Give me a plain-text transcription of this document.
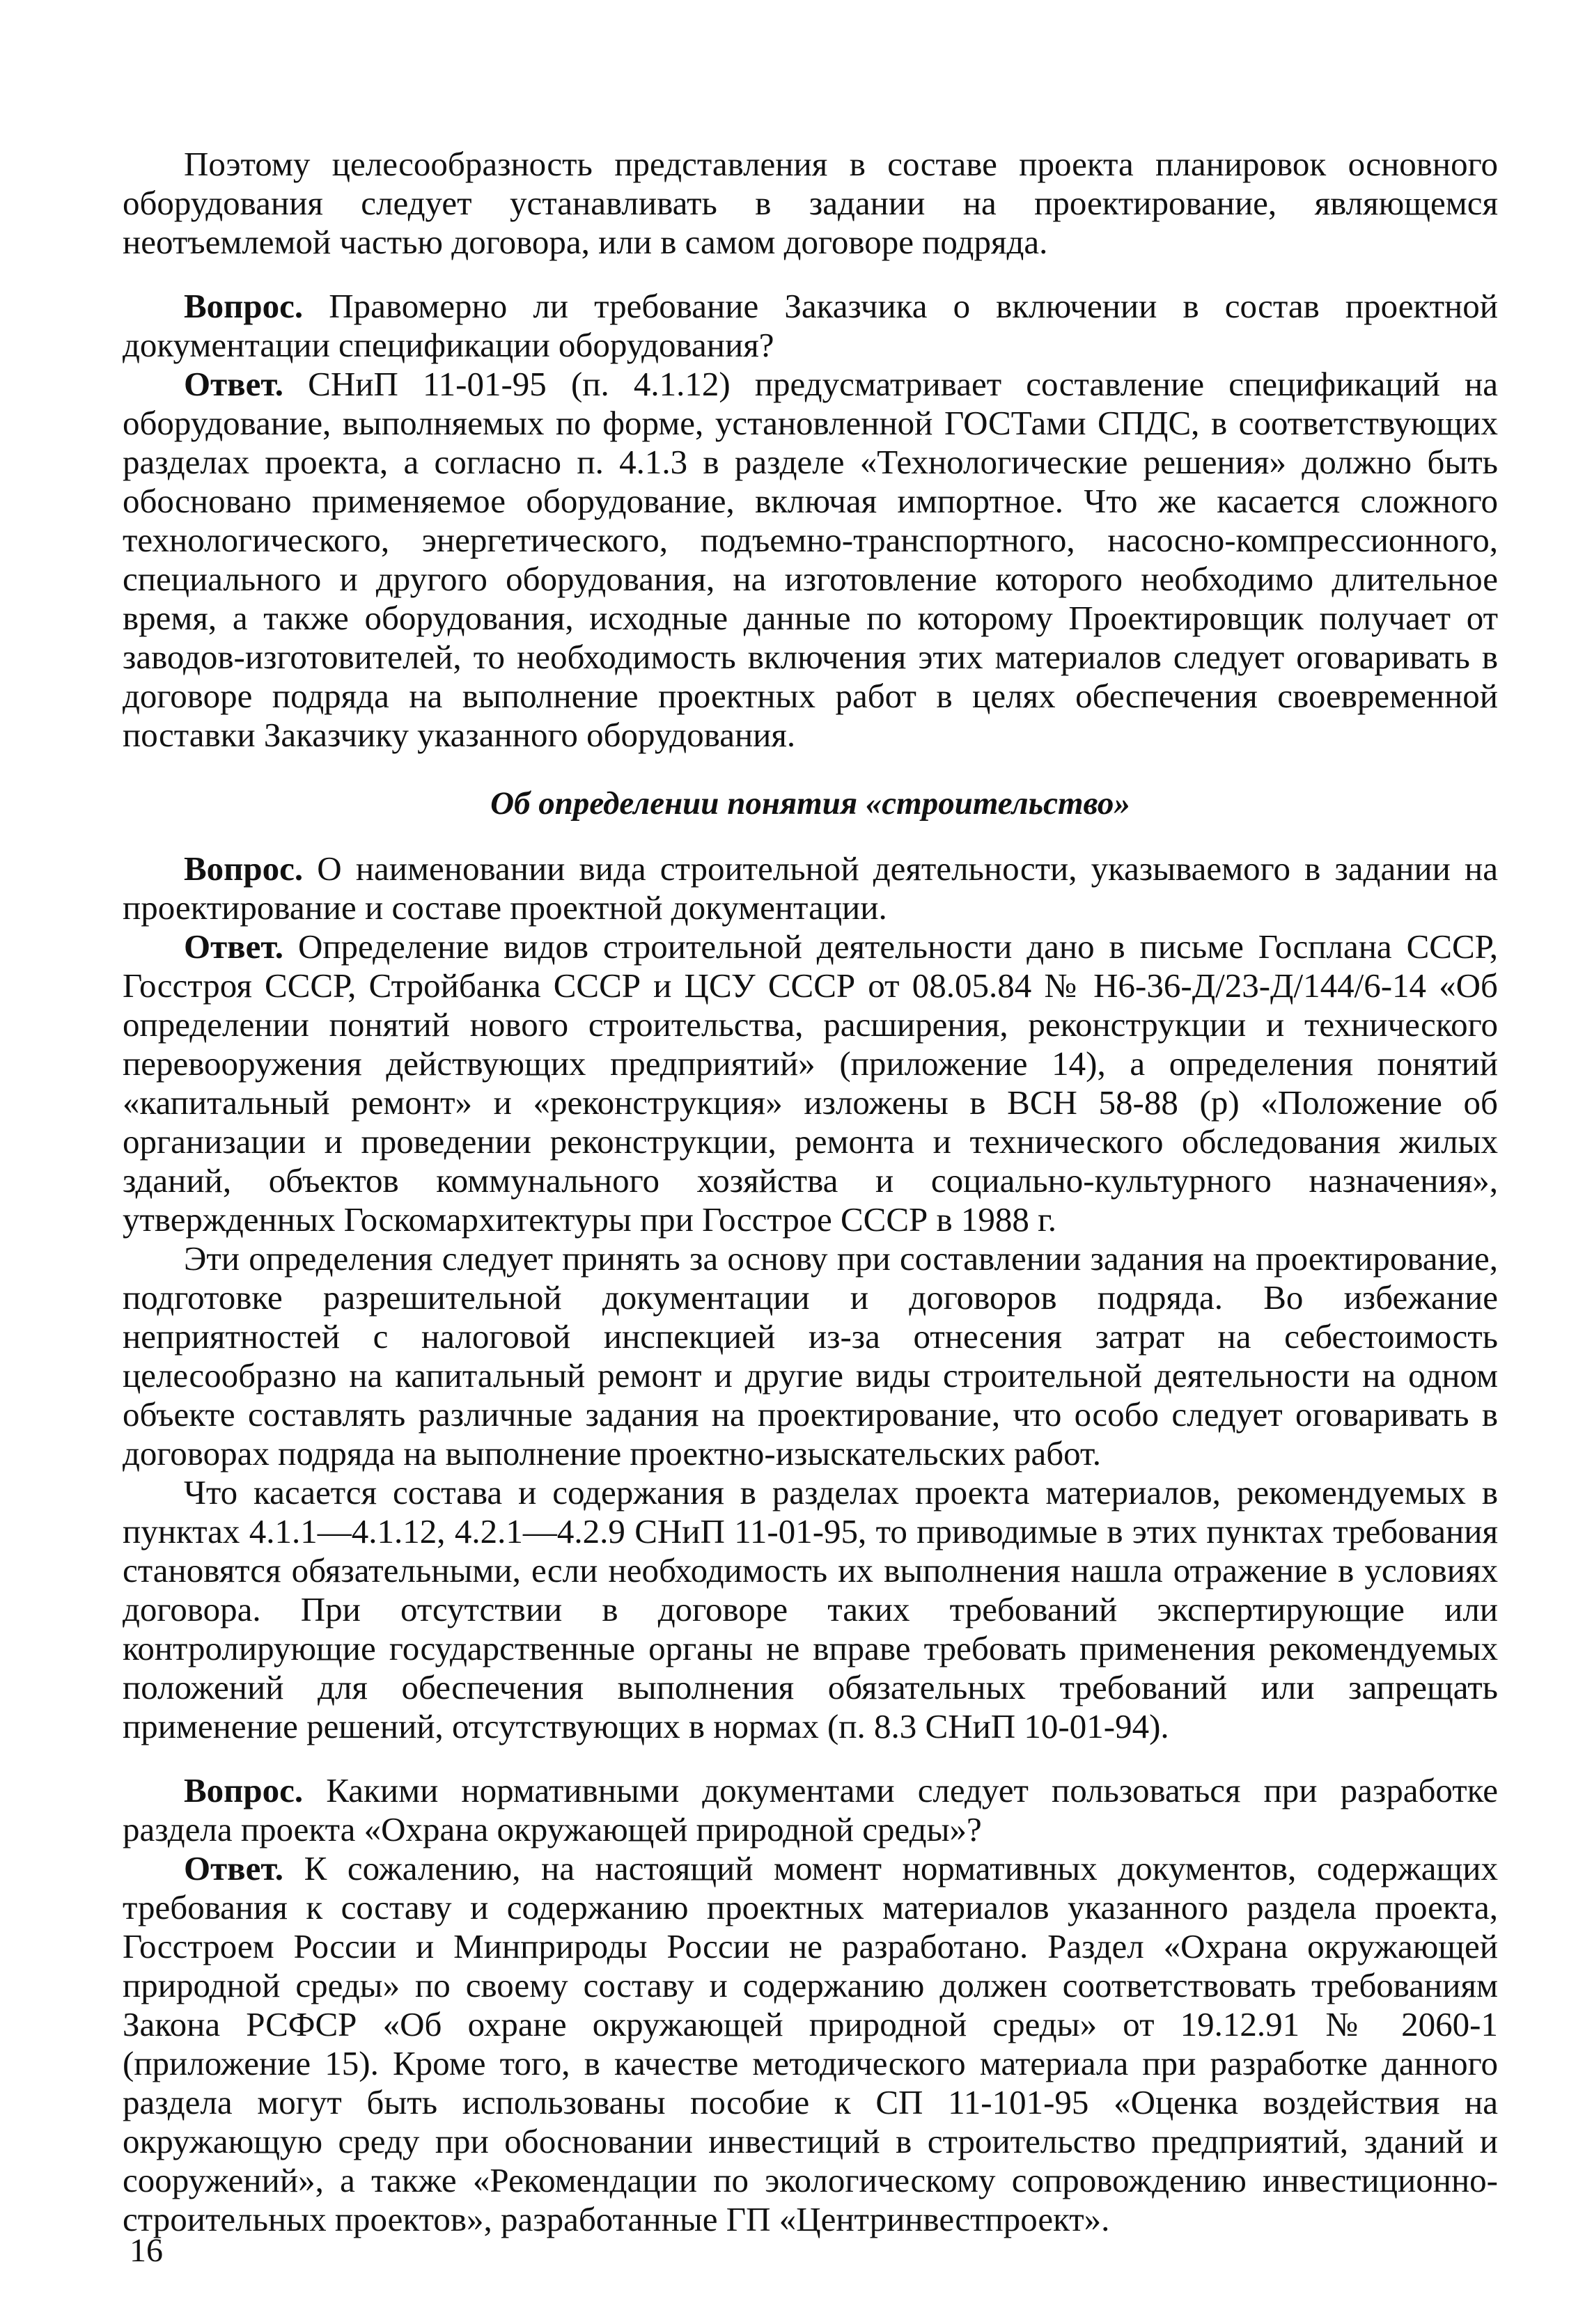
Поэтому целесообразность представления в составе проекта планировок основного оборудования следует устанавливать в задании на проектирование, являющемся неотъемлемой частью договора, или в самом договоре подряда.

Вопрос. Правомерно ли требование Заказчика о включении в состав проектной документации спецификации оборудования?

Ответ. СНиП 11-01-95 (п. 4.1.12) предусматривает составление спецификаций на оборудование, выполняемых по форме, установленной ГОСТами СПДС, в соответствующих разделах проекта, а согласно п. 4.1.3 в разделе «Технологические решения» должно быть обосновано применяемое оборудование, включая импортное. Что же касается сложного технологического, энергетического, подъемно-транспортного, насосно-компрессионного, специального и другого оборудования, на изготовление которого необходимо длительное время, а также оборудования, исходные данные по которому Проектировщик получает от заводов-изготовителей, то необходимость включения этих материалов следует оговаривать в договоре подряда на выполнение проектных работ в целях обеспечения своевременной поставки Заказчику указанного оборудования.

Об определении понятия «строительство»

Вопрос. О наименовании вида строительной деятельности, указываемого в задании на проектирование и составе проектной документации.

Ответ. Определение видов строительной деятельности дано в письме Госплана СССР, Госстроя СССР, Стройбанка СССР и ЦСУ СССР от 08.05.84 № Н6-36-Д/23-Д/144/6-14 «Об определении понятий нового строительства, расширения, реконструкции и технического перевооружения действующих предприятий» (приложение 14), а определения понятий «капитальный ремонт» и «реконструкция» изложены в ВСН 58-88 (р) «Положение об организации и проведении реконструкции, ремонта и технического обследования жилых зданий, объектов коммунального хозяйства и социально-культурного назначения», утвержденных Госкомархитектуры при Госстрое СССР в 1988 г.

Эти определения следует принять за основу при составлении задания на проектирование, подготовке разрешительной документации и договоров подряда. Во избежание неприятностей с налоговой инспекцией из-за отнесения затрат на себестоимость целесообразно на капитальный ремонт и другие виды строительной деятельности на одном объекте составлять различные задания на проектирование, что особо следует оговаривать в договорах подряда на выполнение проектно-изыскательских работ.

Что касается состава и содержания в разделах проекта материалов, рекомендуемых в пунктах 4.1.1—4.1.12, 4.2.1—4.2.9 СНиП 11-01-95, то приводимые в этих пунктах требования становятся обязательными, если необходимость их выполнения нашла отражение в условиях договора. При отсутствии в договоре таких требований экспертирующие или контролирующие государственные органы не вправе требовать применения рекомендуемых положений для обеспечения выполнения обязательных требований или запрещать применение решений, отсутствующих в нормах (п. 8.3 СНиП 10-01-94).

Вопрос. Какими нормативными документами следует пользоваться при разработке раздела проекта «Охрана окружающей природной среды»?

Ответ. К сожалению, на настоящий момент нормативных документов, содержащих требования к составу и содержанию проектных материалов указанного раздела проекта, Госстроем России и Минприроды России не разработано. Раздел «Охрана окружающей природной среды» по своему составу и содержанию должен соответствовать требованиям Закона РСФСР «Об охране окружающей природной среды» от 19.12.91 № 2060-1 (приложение 15). Кроме того, в качестве методического материала при разработке данного раздела могут быть использованы пособие к СП 11-101-95 «Оценка воздействия на окружающую среду при обосновании инвестиций в строительство предприятий, зданий и сооружений», а также «Рекомендации по экологическому сопровождению инвестиционно-строительных проектов», разработанные ГП «Центринвестпроект».

16
